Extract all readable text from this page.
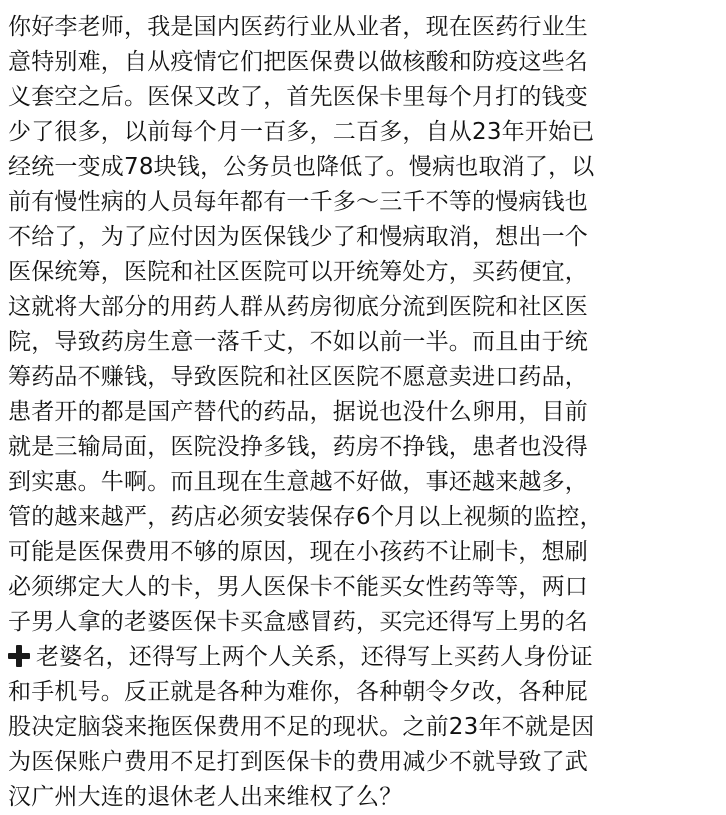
你好李老师，我是国内医药行业从业者，现在医药行业生
意特别难，自从疫情它们把医保费以做核酸和防疫这些名
义套空之后。医保又改了，首先医保卡里每个月打的钱变
少了很多，以前每个月一百多，二百多，自从23年开始已
经统一变成78块钱，公务员也降低了。慢病也取消了，以
前有慢性病的人员每年都有一千多～三千不等的慢病钱也
不给了，为了应付因为医保钱少了和慢病取消，想出一个
医保统筹，医院和社区医院可以开统筹处方，买药便宜，
这就将大部分的用药人群从药房彻底分流到医院和社区医
院，导致药房生意一落千丈，不如以前一半。而且由于统
筹药品不赚钱，导致医院和社区医院不愿意卖进口药品，
患者开的都是国产替代的药品，据说也没什么卵用，目前
就是三输局面，医院没挣多钱，药房不挣钱，患者也没得
到实惠。牛啊。而且现在生意越不好做，事还越来越多，
管的越来越严，药店必须安装保存6个月以上视频的监控，
可能是医保费用不够的原因，现在小孩药不让刷卡，想刷
必须绑定大人的卡，男人医保卡不能买女性药等等，两口
子男人拿的老婆医保卡买盒感冒药，买完还得写上男的名
老婆名，还得写上两个人关系，还得写上买药人身份证
和手机号。反正就是各种为难你，各种朝令夕改，各种屁
股决定脑袋来拖医保费用不足的现状。之前23年不就是因
为医保账户费用不足打到医保卡的费用减少不就导致了武
汉广州大连的退休老人出来维权了么？
